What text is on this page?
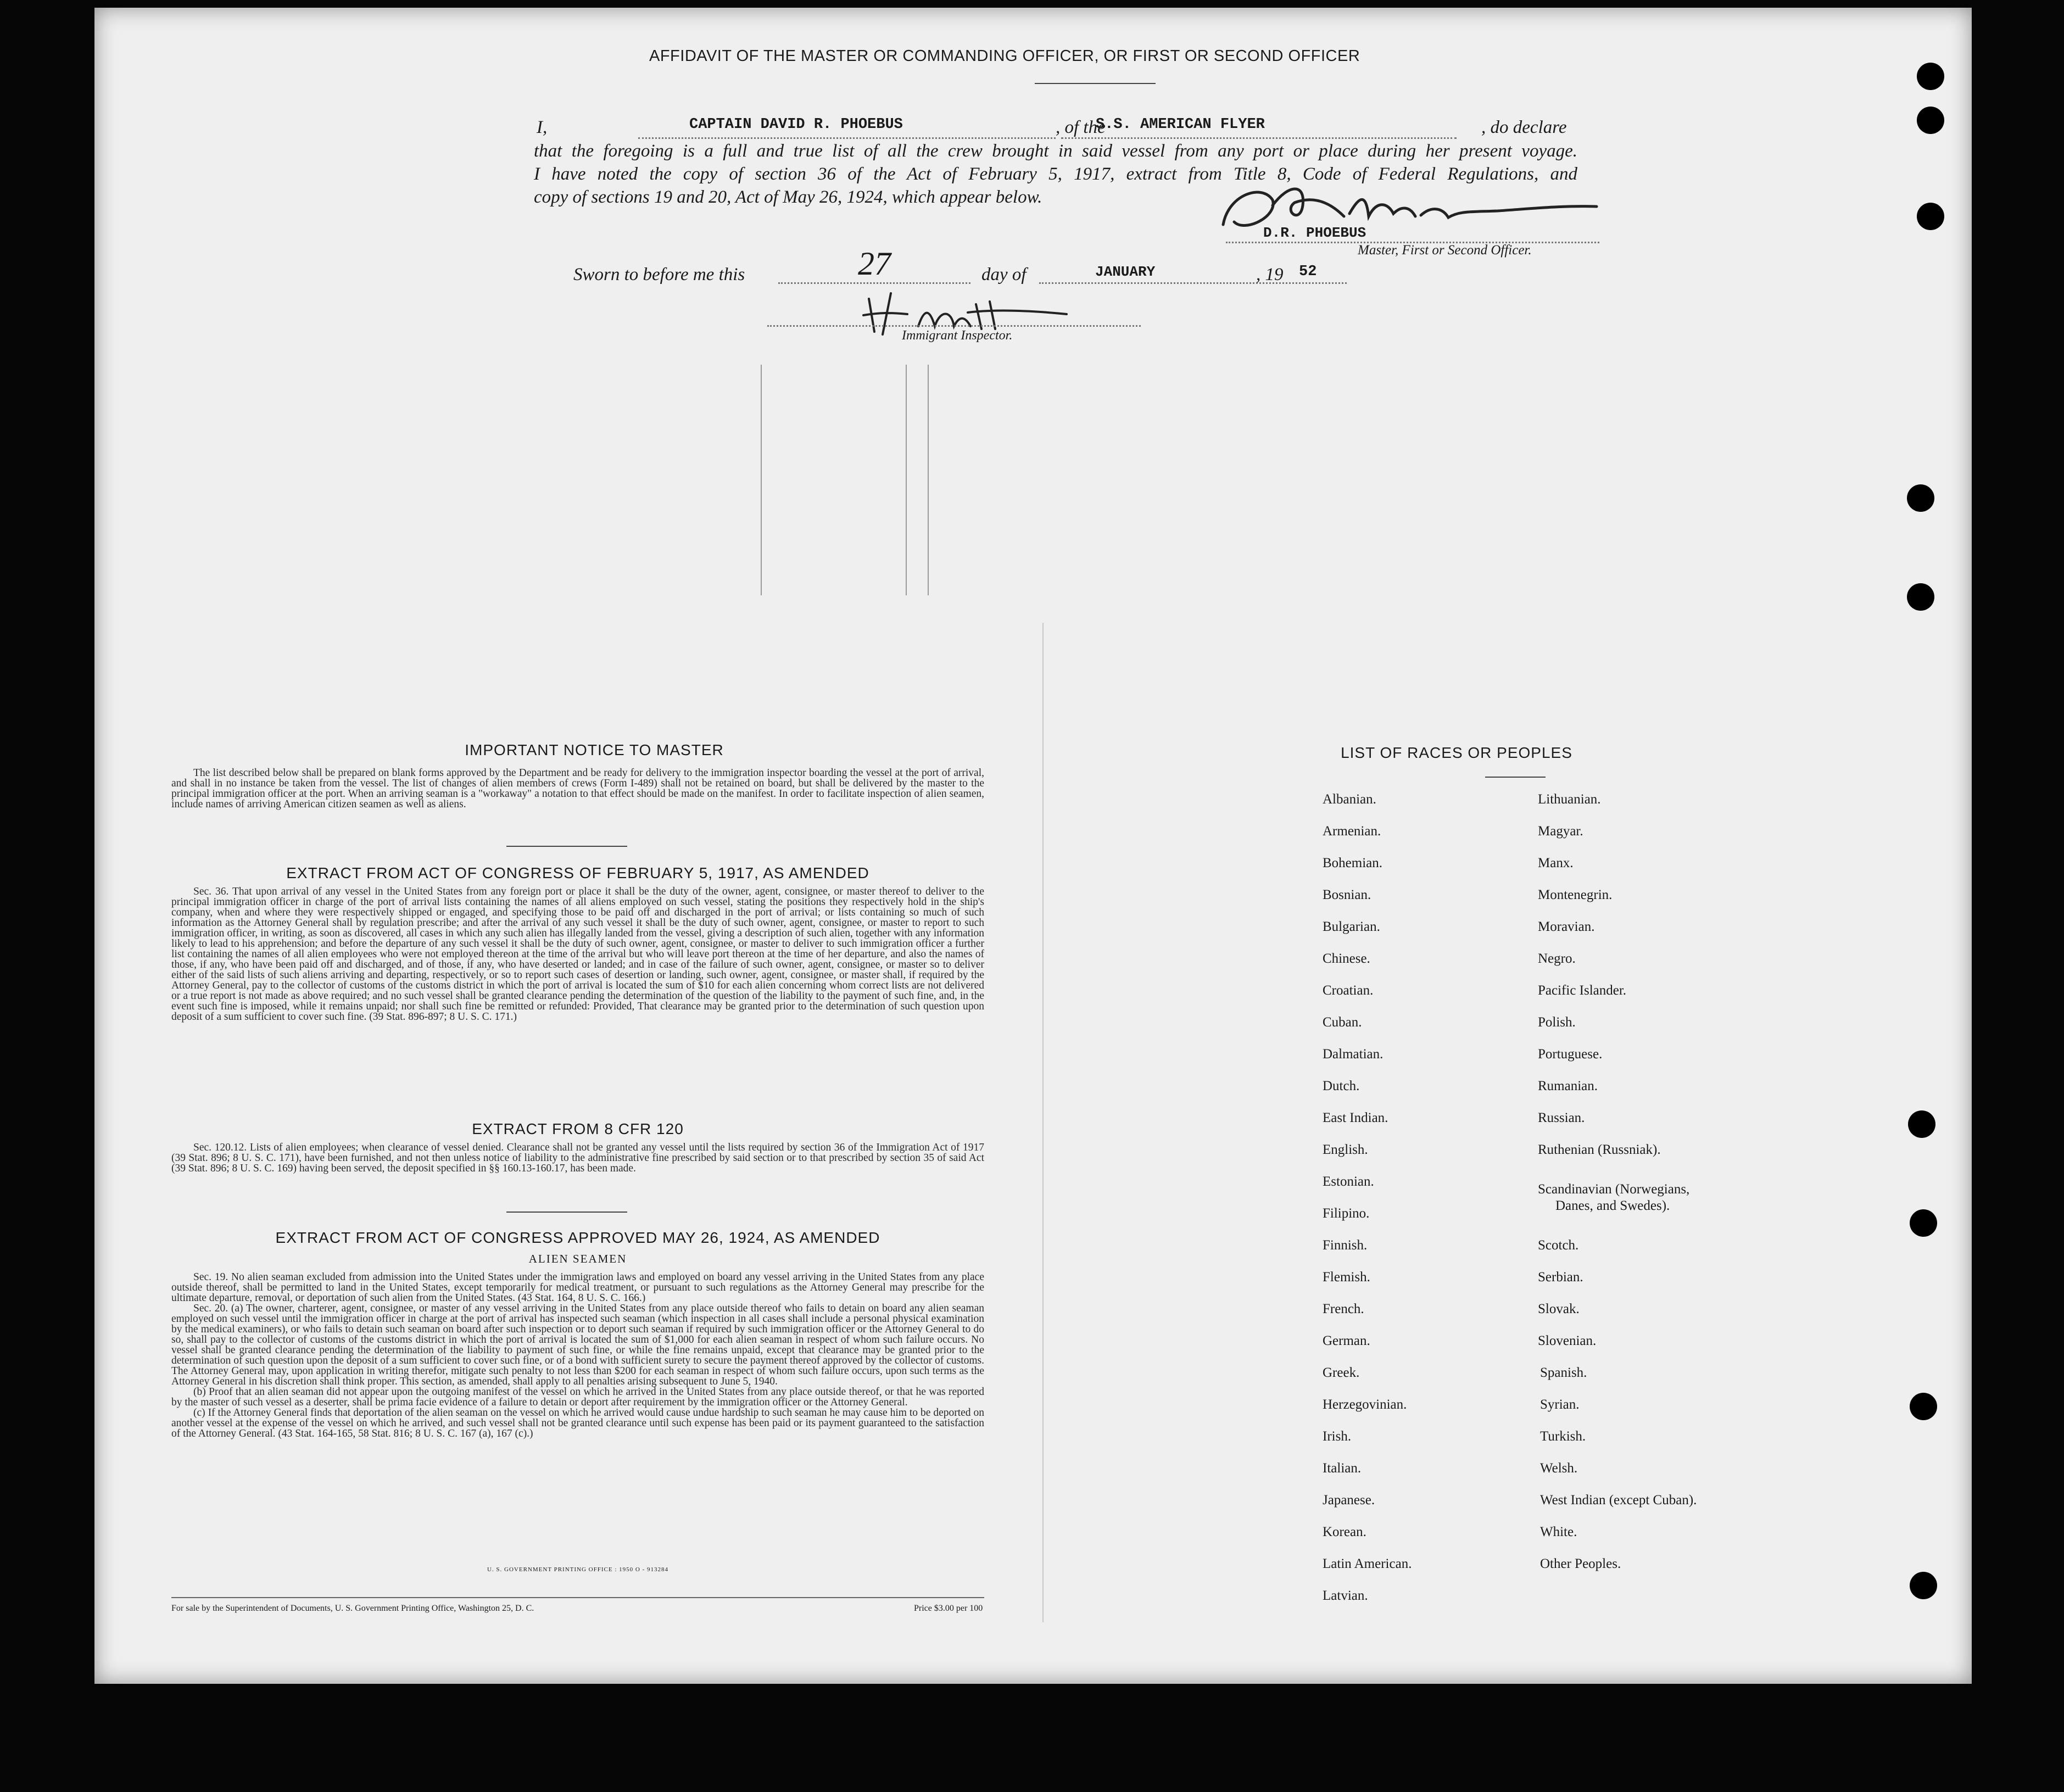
AFFIDAVIT OF THE MASTER OR COMMANDING OFFICER, OR FIRST OR SECOND OFFICER
I,	CAPTAIN DAVID R. PHOEBUS	, of the
S.S. AMERICAN FLYER	, do declare
that the foregoing is a full and true list of all the crew brought in said vessel from any port or place during her present voyage.
I have noted the copy of section 36 of the Act of February 5, 1917, extract from Title 8, Code of Federal Regulations, and
copy of sections 19 and 20, Act of May 26, 1924, which appear below.
D.R. PHOEBUS
Master, First or Second Officer.
Sworn to before me this	27	day of	JANUARY	, 19 52
Immigrant Inspector.
IMPORTANT NOTICE TO MASTER

The list described below shall be prepared on blank forms approved by the Department and be ready for delivery to the immigration inspector boarding the vessel at the port of arrival, and shall in no instance be taken from the vessel. The list of changes of alien members of crews (Form I-489) shall not be retained on board, but shall be delivered by the master to the principal immigration officer at the port. When an arriving seaman is a "workaway" a notation to that effect should be made on the manifest. In order to facilitate inspection of alien seamen, include names of arriving American citizen seamen as well as aliens.

EXTRACT FROM ACT OF CONGRESS OF FEBRUARY 5, 1917, AS AMENDED

Sec. 36. That upon arrival of any vessel in the United States from any foreign port or place it shall be the duty of the owner, agent, consignee, or master thereof to deliver to the principal immigration officer in charge of the port of arrival lists containing the names of all aliens employed on such vessel, stating the positions they respectively hold in the ship's company, when and where they were respectively shipped or engaged, and specifying those to be paid off and discharged in the port of arrival; or lists containing so much of such information as the Attorney General shall by regulation prescribe; and after the arrival of any such vessel it shall be the duty of such owner, agent, consignee, or master to report to such immigration officer, in writing, as soon as discovered, all cases in which any such alien has illegally landed from the vessel, giving a description of such alien, together with any information likely to lead to his apprehension; and before the departure of any such vessel it shall be the duty of such owner, agent, consignee, or master to deliver to such immigration officer a further list containing the names of all alien employees who were not employed thereon at the time of the arrival but who will leave port thereon at the time of her departure, and also the names of those, if any, who have been paid off and discharged, and of those, if any, who have deserted or landed; and in case of the failure of such owner, agent, consignee, or master so to deliver either of the said lists of such aliens arriving and departing, respectively, or so to report such cases of desertion or landing, such owner, agent, consignee, or master shall, if required by the Attorney General, pay to the collector of customs of the customs district in which the port of arrival is located the sum of $10 for each alien concerning whom correct lists are not delivered or a true report is not made as above required; and no such vessel shall be granted clearance pending the determination of the question of the liability to the payment of such fine, and, in the event such fine is imposed, while it remains unpaid; nor shall such fine be remitted or refunded: Provided, That clearance may be granted prior to the determination of such question upon deposit of a sum sufficient to cover such fine. (39 Stat. 896-897; 8 U. S. C. 171.)

EXTRACT FROM 8 CFR 120

Sec. 120.12. Lists of alien employees; when clearance of vessel denied. Clearance shall not be granted any vessel until the lists required by section 36 of the Immigration Act of 1917 (39 Stat. 896; 8 U. S. C. 171), have been furnished, and not then unless notice of liability to the administrative fine prescribed by said section or to that prescribed by section 35 of said Act (39 Stat. 896; 8 U. S. C. 169) having been served, the deposit specified in §§ 160.13-160.17, has been made.

EXTRACT FROM ACT OF CONGRESS APPROVED MAY 26, 1924, AS AMENDED
ALIEN SEAMEN

Sec. 19. No alien seaman excluded from admission into the United States under the immigration laws and employed on board any vessel arriving in the United States from any place outside thereof, shall be permitted to land in the United States, except temporarily for medical treatment, or pursuant to such regulations as the Attorney General may prescribe for the ultimate departure, removal, or deportation of such alien from the United States. (43 Stat. 164, 8 U. S. C. 166.)

Sec. 20. (a) The owner, charterer, agent, consignee, or master of any vessel arriving in the United States from any place outside thereof who fails to detain on board any alien seaman employed on such vessel until the immigration officer in charge at the port of arrival has inspected such seaman (which inspection in all cases shall include a personal physical examination by the medical examiners), or who fails to detain such seaman on board after such inspection or to deport such seaman if required by such immigration officer or the Attorney General to do so, shall pay to the collector of customs of the customs district in which the port of arrival is located the sum of $1,000 for each alien seaman in respect of whom such failure occurs. No vessel shall be granted clearance pending the determination of the liability to payment of such fine, or while the fine remains unpaid, except that clearance may be granted prior to the determination of such question upon the deposit of a sum sufficient to cover such fine, or of a bond with sufficient surety to secure the payment thereof approved by the collector of customs. The Attorney General may, upon application in writing therefor, mitigate such penalty to not less than $200 for each seaman in respect of whom such failure occurs, upon such terms as the Attorney General in his discretion shall think proper. This section, as amended, shall apply to all penalties arising subsequent to June 5, 1940.

(b) Proof that an alien seaman did not appear upon the outgoing manifest of the vessel on which he arrived in the United States from any place outside thereof, or that he was reported by the master of such vessel as a deserter, shall be prima facie evidence of a failure to detain or deport after requirement by the immigration officer or the Attorney General.

(c) If the Attorney General finds that deportation of the alien seaman on the vessel on which he arrived would cause undue hardship to such seaman he may cause him to be deported on another vessel at the expense of the vessel on which he arrived, and such vessel shall not be granted clearance until such expense has been paid or its payment guaranteed to the satisfaction of the Attorney General. (43 Stat. 164-165, 58 Stat. 816; 8 U. S. C. 167 (a), 167 (c).)

U. S. GOVERNMENT PRINTING OFFICE : 1950 O - 913284
For sale by the Superintendent of Documents, U. S. Government Printing Office, Washington 25, D. C.	Price $3.00 per 100
LIST OF RACES OR PEOPLES
Albanian.
Armenian.
Bohemian.
Bosnian.
Bulgarian.
Chinese.
Croatian.
Cuban.
Dalmatian.
Dutch.
East Indian.
English.
Estonian.
Filipino.
Finnish.
Flemish.
French.
German.
Greek.
Herzegovinian.
Irish.
Italian.
Japanese.
Korean.
Latin American.
Latvian.
Lithuanian.
Magyar.
Manx.
Montenegrin.
Moravian.
Negro.
Pacific Islander.
Polish.
Portuguese.
Rumanian.
Russian.
Ruthenian (Russniak).
Scandinavian (Norwegians,
Danes, and Swedes).
Scotch.
Serbian.
Slovak.
Slovenian.
Spanish.
Syrian.
Turkish.
Welsh.
West Indian (except Cuban).
White.
Other Peoples.
